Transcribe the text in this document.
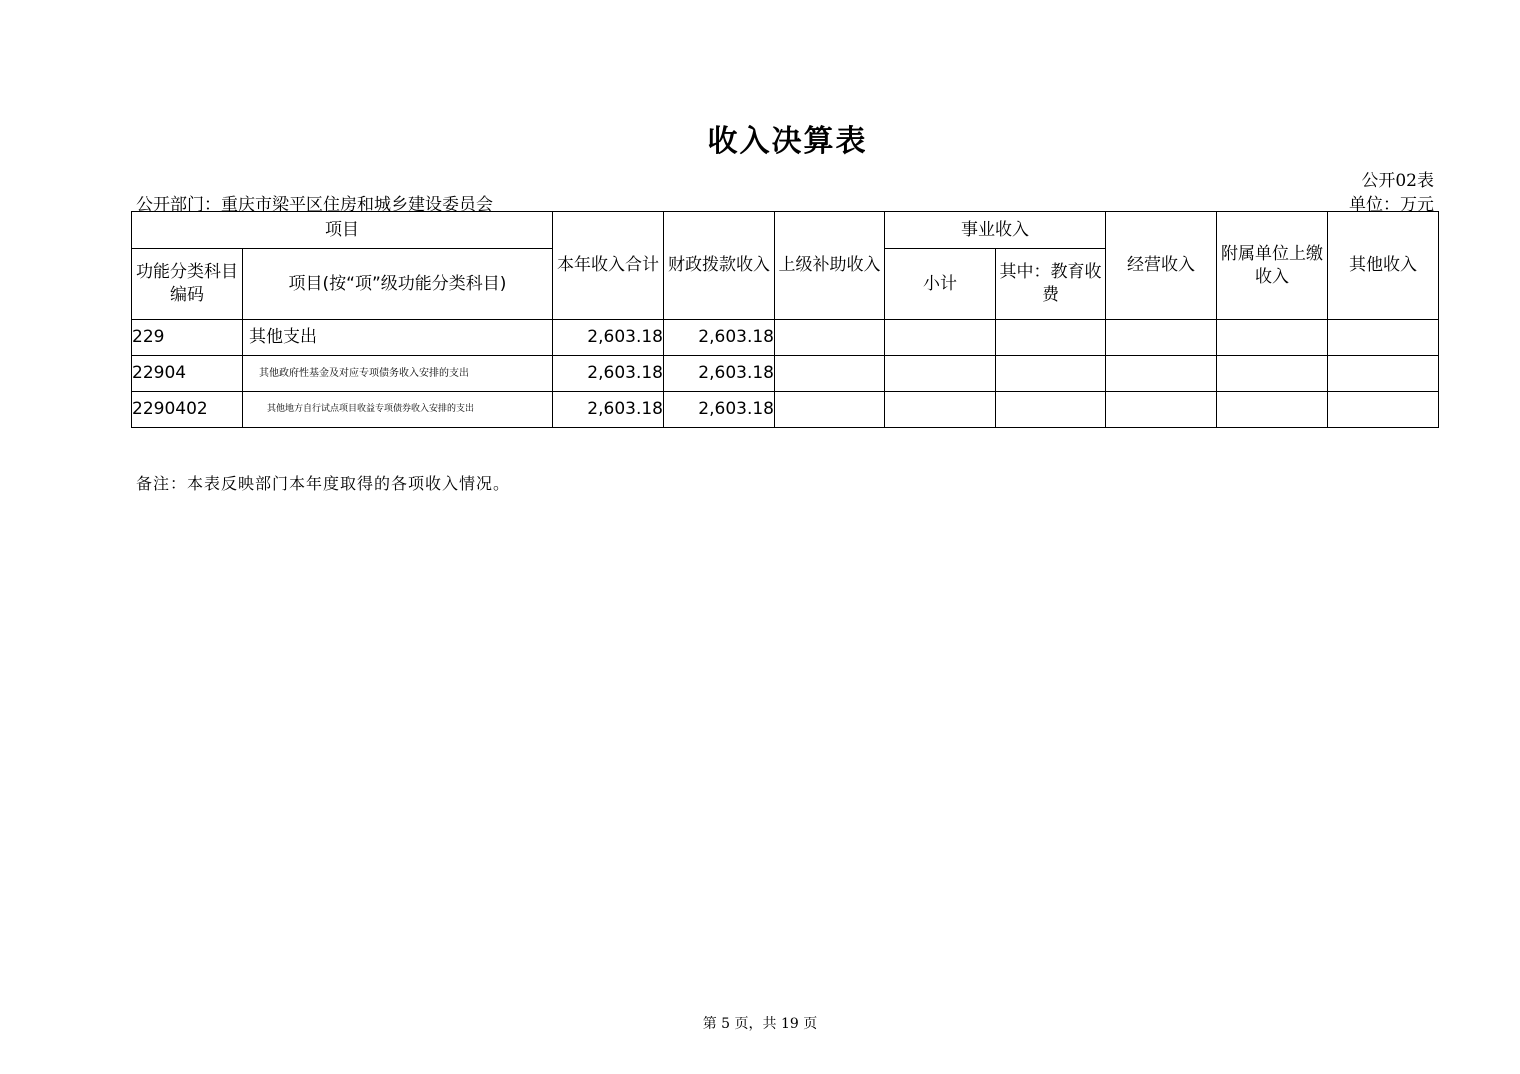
收入决算表
公开02表
单位：万元
公开部门：重庆市梁平区住房和城乡建设委员会
项目		本年收入合计	财政拨款收入	上级补助收入	事业收入		经营收入	附属单位上缴收入	其他收入
功能分类科目编码	项目(按“项”级功能分类科目)								
					小计	其中：教育收费			
229	其他支出	2,603.18	2,603.18						
22904	其他政府性基金及对应专项债务收入安排的支出	2,603.18	2,603.18						
2290402	其他地方自行试点项目收益专项债券收入安排的支出	2,603.18	2,603.18						
备注：本表反映部门本年度取得的各项收入情况。
第 5 页，共 19 页
